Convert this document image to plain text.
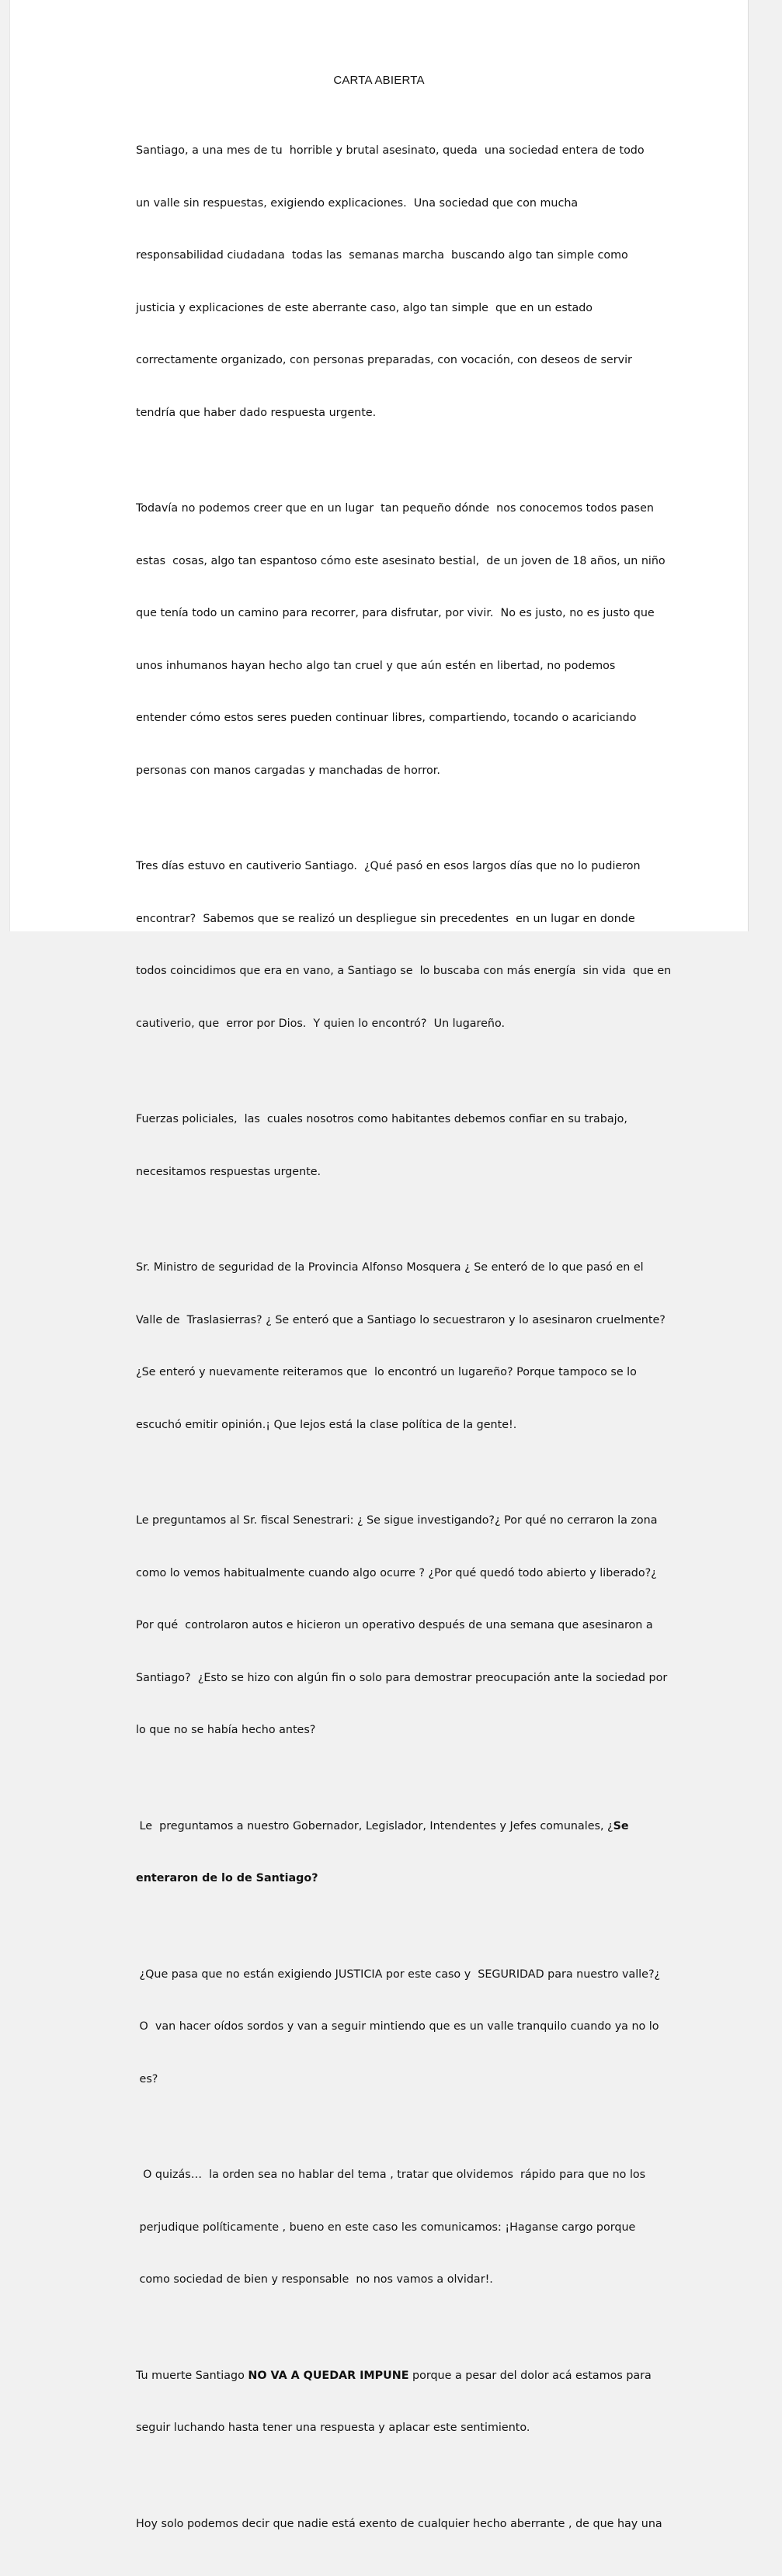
CARTA ABIERTA

Santiago, a una mes de tu  horrible y brutal asesinato, queda  una sociedad entera de todo

un valle sin respuestas, exigiendo explicaciones.  Una sociedad que con mucha

responsabilidad ciudadana  todas las  semanas marcha  buscando algo tan simple como

justicia y explicaciones de este aberrante caso, algo tan simple  que en un estado

correctamente organizado, con personas preparadas, con vocación, con deseos de servir

tendría que haber dado respuesta urgente.

Todavía no podemos creer que en un lugar  tan pequeño dónde  nos conocemos todos pasen

estas  cosas, algo tan espantoso cómo este asesinato bestial,  de un joven de 18 años, un niño

que tenía todo un camino para recorrer, para disfrutar, por vivir.  No es justo, no es justo que

unos inhumanos hayan hecho algo tan cruel y que aún estén en libertad, no podemos

entender cómo estos seres pueden continuar libres, compartiendo, tocando o acariciando

personas con manos cargadas y manchadas de horror.

Tres días estuvo en cautiverio Santiago.  ¿Qué pasó en esos largos días que no lo pudieron

encontrar?  Sabemos que se realizó un despliegue sin precedentes  en un lugar en donde

todos coincidimos que era en vano, a Santiago se  lo buscaba con más energía  sin vida  que en

cautiverio, que  error por Dios.  Y quien lo encontró?  Un lugareño.

Fuerzas policiales,  las  cuales nosotros como habitantes debemos confiar en su trabajo,

necesitamos respuestas urgente.

Sr. Ministro de seguridad de la Provincia Alfonso Mosquera ¿ Se enteró de lo que pasó en el

Valle de  Traslasierras? ¿ Se enteró que a Santiago lo secuestraron y lo asesinaron cruelmente?

¿Se enteró y nuevamente reiteramos que  lo encontró un lugareño? Porque tampoco se lo

escuchó emitir opinión.¡ Que lejos está la clase política de la gente!.

Le preguntamos al Sr. fiscal Senestrari: ¿ Se sigue investigando?¿ Por qué no cerraron la zona

como lo vemos habitualmente cuando algo ocurre ? ¿Por qué quedó todo abierto y liberado?¿

Por qué  controlaron autos e hicieron un operativo después de una semana que asesinaron a

Santiago?  ¿Esto se hizo con algún fin o solo para demostrar preocupación ante la sociedad por

lo que no se había hecho antes?

Le  preguntamos a nuestro Gobernador, Legislador, Intendentes y Jefes comunales, ¿Se

enteraron de lo de Santiago?

¿Que pasa que no están exigiendo JUSTICIA por este caso y  SEGURIDAD para nuestro valle?¿

O  van hacer oídos sordos y van a seguir mintiendo que es un valle tranquilo cuando ya no lo

es?

O quizás…  la orden sea no hablar del tema , tratar que olvidemos  rápido para que no los

perjudique políticamente , bueno en este caso les comunicamos: ¡Haganse cargo porque

como sociedad de bien y responsable  no nos vamos a olvidar!.

Tu muerte Santiago NO VA A QUEDAR IMPUNE porque a pesar del dolor acá estamos para

seguir luchando hasta tener una respuesta y aplacar este sentimiento.

Hoy solo podemos decir que nadie está exento de cualquier hecho aberrante , de que hay una
